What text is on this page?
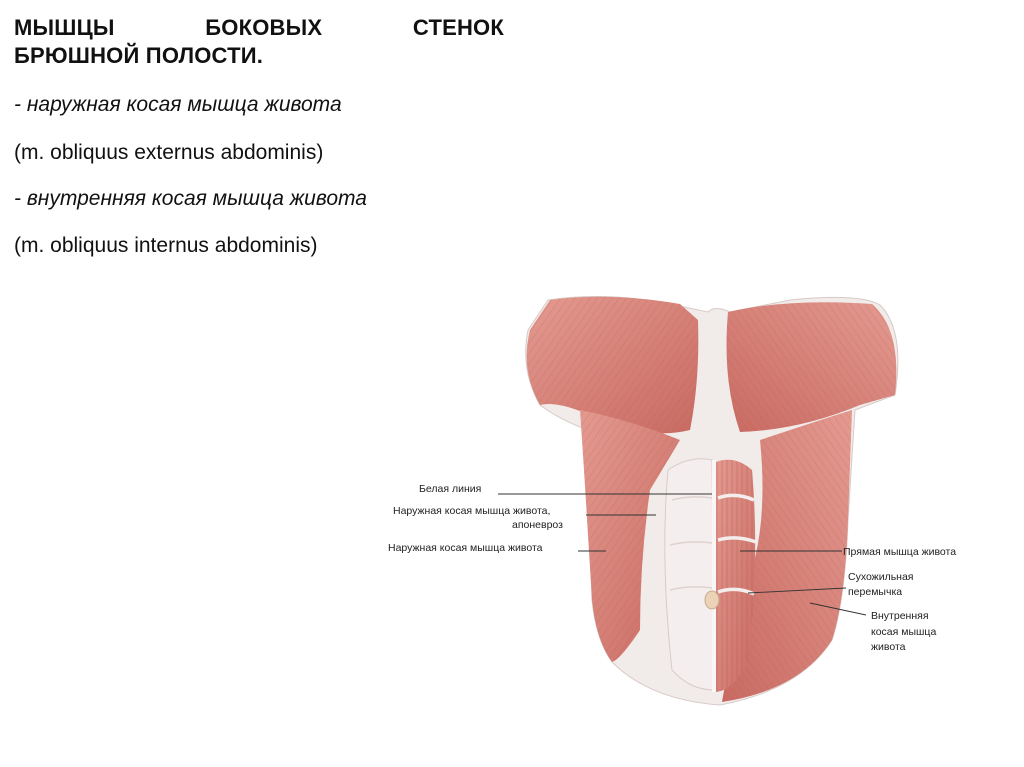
МЫШЦЫ	БОКОВЫХ	СТЕНОК
БРЮШНОЙ ПОЛОСТИ.
- наружная косая мышца живота
(m. obliquus externus abdominis)
- внутренняя косая мышца живота
(m. obliquus internus abdominis)
Белая линия
Наружная косая мышца живота,
апоневроз
Наружная косая мышца живота	Прямая мышца живота
Сухожильная
перемычка
Внутренняя
косая мышца
живота
